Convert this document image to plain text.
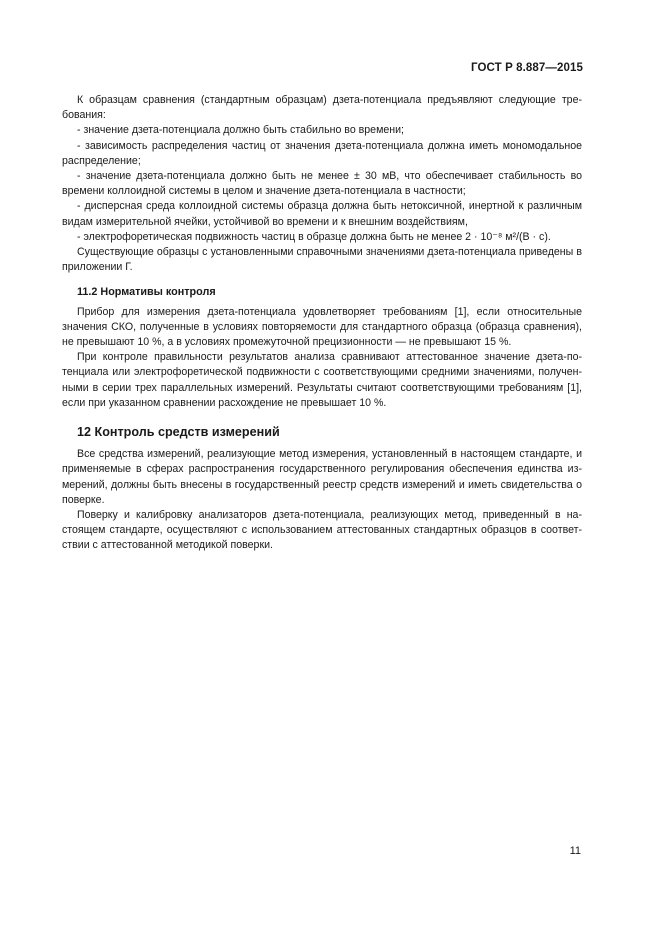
ГОСТ Р 8.887—2015

К образцам сравнения (стандартным образцам) дзета-потенциала предъявляют следующие требования:

- значение дзета-потенциала должно быть стабильно во времени;

- зависимость распределения частиц от значения дзета-потенциала должна иметь мономодальное распределение;

- значение дзета-потенциала должно быть не менее ± 30 мВ, что обеспечивает стабильность во времени коллоидной системы в целом и значение дзета-потенциала в частности;

- дисперсная среда коллоидной системы образца должна быть нетоксичной, инертной к различным видам измерительной ячейки, устойчивой во времени и к внешним воздействиям,

- электрофоретическая подвижность частиц в образце должна быть не менее 2 · 10⁻⁸ м²/(В · с).

Существующие образцы с установленными справочными значениями дзета-потенциала приведены в приложении Г.

11.2 Нормативы контроля

Прибор для измерения дзета-потенциала удовлетворяет требованиям [1], если относительные значения СКО, полученные в условиях повторяемости для стандартного образца (образца сравнения), не превышают 10 %, а в условиях промежуточной прецизионности — не превышают 15 %.

При контроле правильности результатов анализа сравнивают аттестованное значение дзета-потенциала или электрофоретической подвижности с соответствующими средними значениями, полученными в серии трех параллельных измерений. Результаты считают соответствующими требованиям [1], если при указанном сравнении расхождение не превышает 10 %.

12 Контроль средств измерений

Все средства измерений, реализующие метод измерения, установленный в настоящем стандарте, и применяемые в сферах распространения государственного регулирования обеспечения единства измерений, должны быть внесены в государственный реестр средств измерений и иметь свидетельства о поверке.

Поверку и калибровку анализаторов дзета-потенциала, реализующих метод, приведенный в настоящем стандарте, осуществляют с использованием аттестованных стандартных образцов в соответствии с аттестованной методикой поверки.

11
